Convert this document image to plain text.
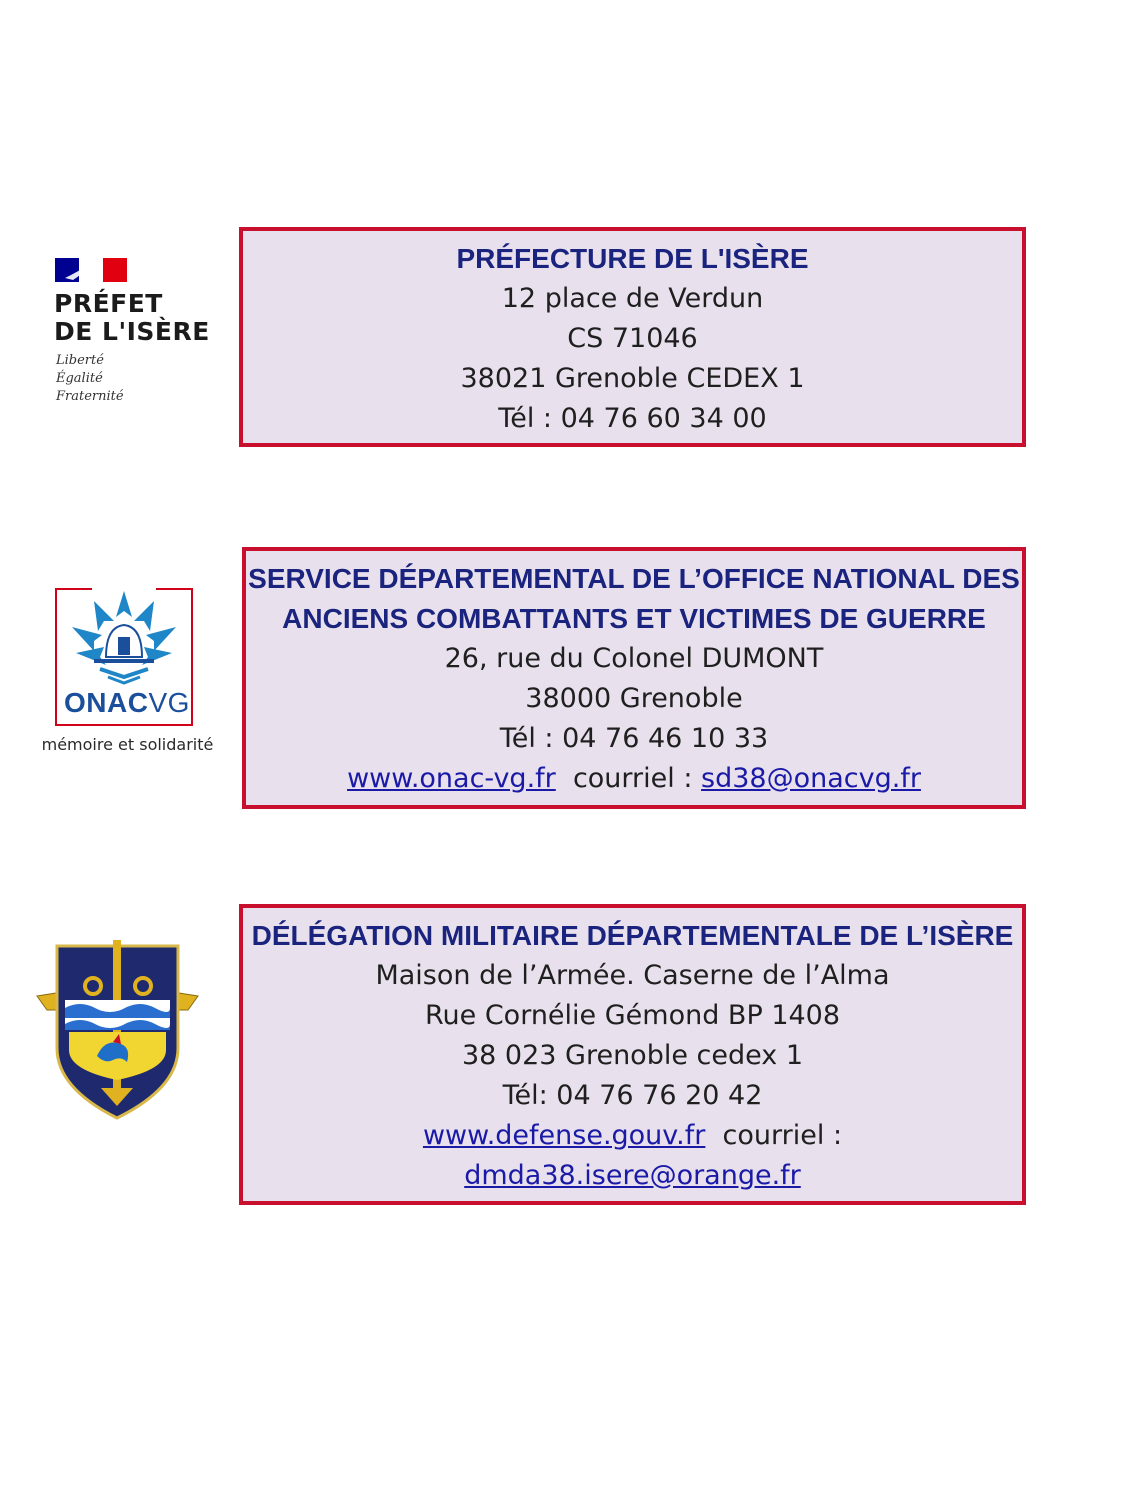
PRÉFET
DE L'ISÈRE
Liberté
Égalité
Fraternité
PRÉFECTURE DE L'ISÈRE
12 place de Verdun
CS 71046
38021 Grenoble CEDEX 1
Tél : 04 76 60 34 00
ONACVG
mémoire et solidarité
SERVICE DÉPARTEMENTAL DE L’OFFICE NATIONAL DES
ANCIENS COMBATTANTS ET VICTIMES DE GUERRE
26, rue du Colonel DUMONT
38000 Grenoble
Tél : 04 76 46 10 33
www.onac-vg.fr courriel : sd38@onacvg.fr
DÉLÉGATION MILITAIRE DÉPARTEMENTALE DE L’ISÈRE
Maison de l’Armée. Caserne de l’Alma
Rue Cornélie Gémond BP 1408
38 023 Grenoble cedex 1
Tél: 04 76 76 20 42
www.defense.gouv.fr courriel :
dmda38.isere@orange.fr
